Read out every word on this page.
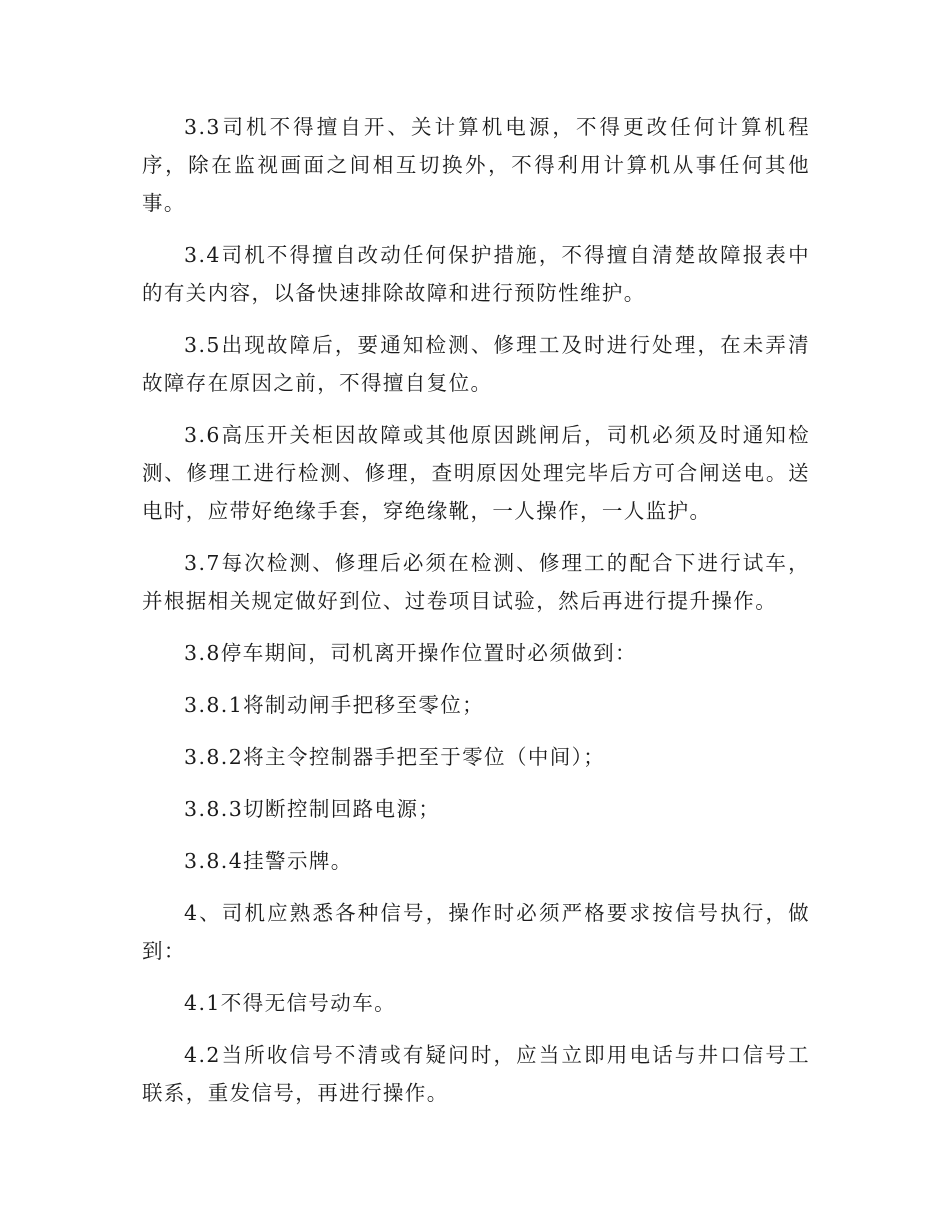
3.3司机不得擅自开、关计算机电源，不得更改任何计算机程序，除在监视画面之间相互切换外，不得利用计算机从事任何其他事。

3.4司机不得擅自改动任何保护措施，不得擅自清楚故障报表中的有关内容，以备快速排除故障和进行预防性维护。

3.5出现故障后，要通知检测、修理工及时进行处理，在未弄清故障存在原因之前，不得擅自复位。

3.6高压开关柜因故障或其他原因跳闸后，司机必须及时通知检测、修理工进行检测、修理，查明原因处理完毕后方可合闸送电。送电时，应带好绝缘手套，穿绝缘靴，一人操作，一人监护。

3.7每次检测、修理后必须在检测、修理工的配合下进行试车，并根据相关规定做好到位、过卷项目试验，然后再进行提升操作。

3.8停车期间，司机离开操作位置时必须做到：

3.8.1将制动闸手把移至零位；

3.8.2将主令控制器手把至于零位（中间）；

3.8.3切断控制回路电源；

3.8.4挂警示牌。

4、司机应熟悉各种信号，操作时必须严格要求按信号执行，做到：

4.1不得无信号动车。

4.2当所收信号不清或有疑问时，应当立即用电话与井口信号工联系，重发信号，再进行操作。
